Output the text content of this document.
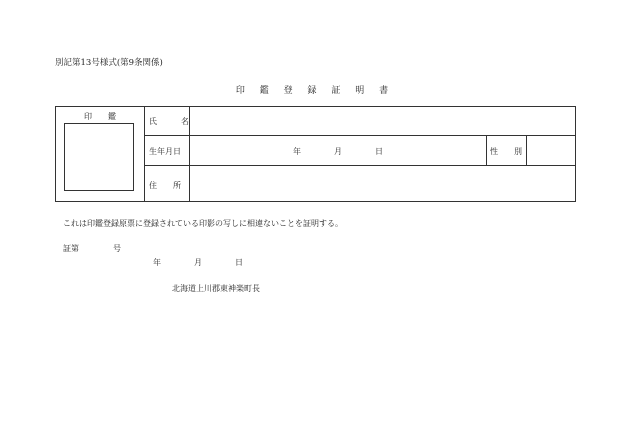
別記第13号様式(第9条関係)
印 鑑 登 録 証 明 書
印　　鑑
氏　　　名
生年月日	年	月	日	性　　別
住　　所
これは印鑑登録原票に登録されている印影の写しに相違ないことを証明する。
証第	号
年	月	日
北海道上川郡東神楽町長
